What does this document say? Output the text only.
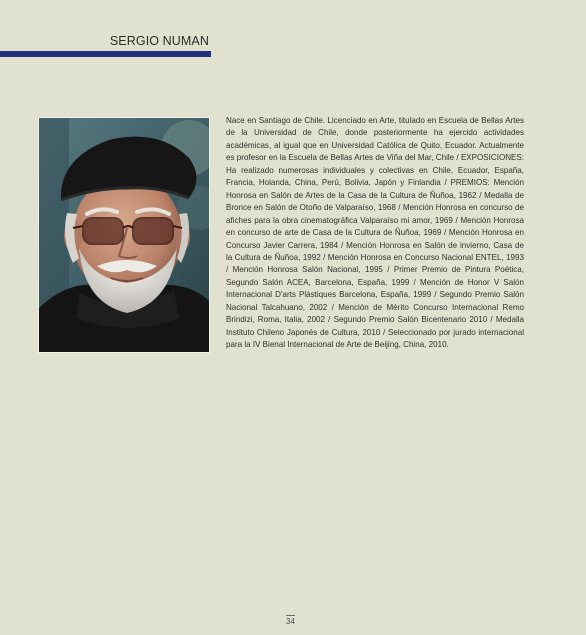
SERGIO NUMAN

Nace en Santiago de Chile. Licenciado en Arte, titulado en Escuela de Bellas Artes de la Universidad de Chile, donde posteriormente ha ejercido actividades académicas, al igual que en Universidad Católica de Quito, Ecuador. Actualmente es profesor en la Escuela de Bellas Artes de Viña del Mar, Chile / EXPOSICIONES: Ha realizado numerosas individuales y colectivas en Chile, Ecuador, España, Francia, Holanda, China, Perú, Bolivia, Japón y Finlandia / PREMIOS: Mención Honrosa en Salón de Artes de la Casa de la Cultura de Ñuñoa, 1962 / Medalla de Bronce en Salón de Otoño de Valparaíso, 1968 / Mención Honrosa en concurso de afiches para la obra cinematográfica Valparaíso mi amor, 1969 / Mención Honrosa en concurso de arte de Casa de la Cultura de Ñuñoa, 1969 / Mención Honrosa en Concurso Javier Carrera, 1984 / Mención Honrosa en Salón de invierno, Casa de la Cultura de Ñuñoa, 1992 / Mención Honrosa en Concurso Nacional ENTEL, 1993 / Mención Honrosa Salón Nacional, 1995 / Primer Premio de Pintura Poética, Segundo Salón ACEA, Barcelona, España, 1999 / Mención de Honor V Salón Internacional D'arts Plàstiques Barcelona, España, 1999 / Segundo Premio Salón Nacional Talcahuano, 2002 / Mención de Mérito Concurso Internacional Remo Brindizi, Roma, Italia, 2002 / Segundo Premio Salón Bicentenario 2010 / Medalla Instituto Chileno Japonés de Cultura, 2010 / Seleccionado por jurado internacional para la IV Bienal Internacional de Arte de Beijing, China, 2010.

34
